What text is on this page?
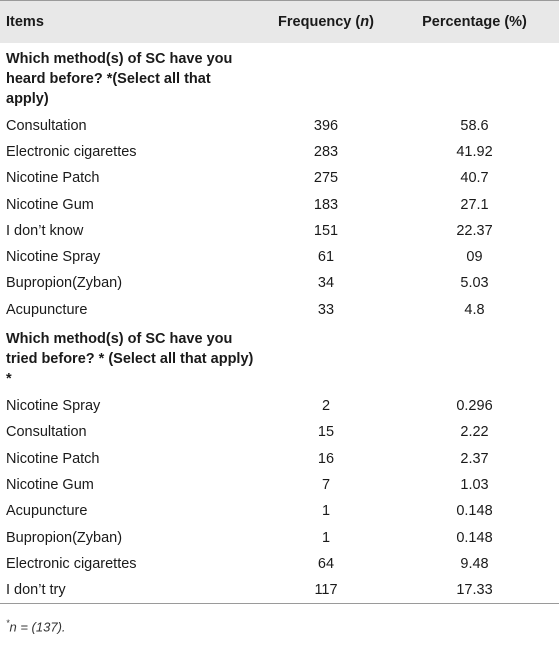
Items	Frequency (n)	Percentage (%)
Which method(s) of SC have you heard before? *(Select all that apply)		
Consultation	396	58.6
Electronic cigarettes	283	41.92
Nicotine Patch	275	40.7
Nicotine Gum	183	27.1
I don’t know	151	22.37
Nicotine Spray	61	09
Bupropion(Zyban)	34	5.03
Acupuncture	33	4.8
Which method(s) of SC have you tried before? * (Select all that apply) *		
Nicotine Spray	2	0.296
Consultation	15	2.22
Nicotine Patch	16	2.37
Nicotine Gum	7	1.03
Acupuncture	1	0.148
Bupropion(Zyban)	1	0.148
Electronic cigarettes	64	9.48
I don’t try	117	17.33
*n = (137).
